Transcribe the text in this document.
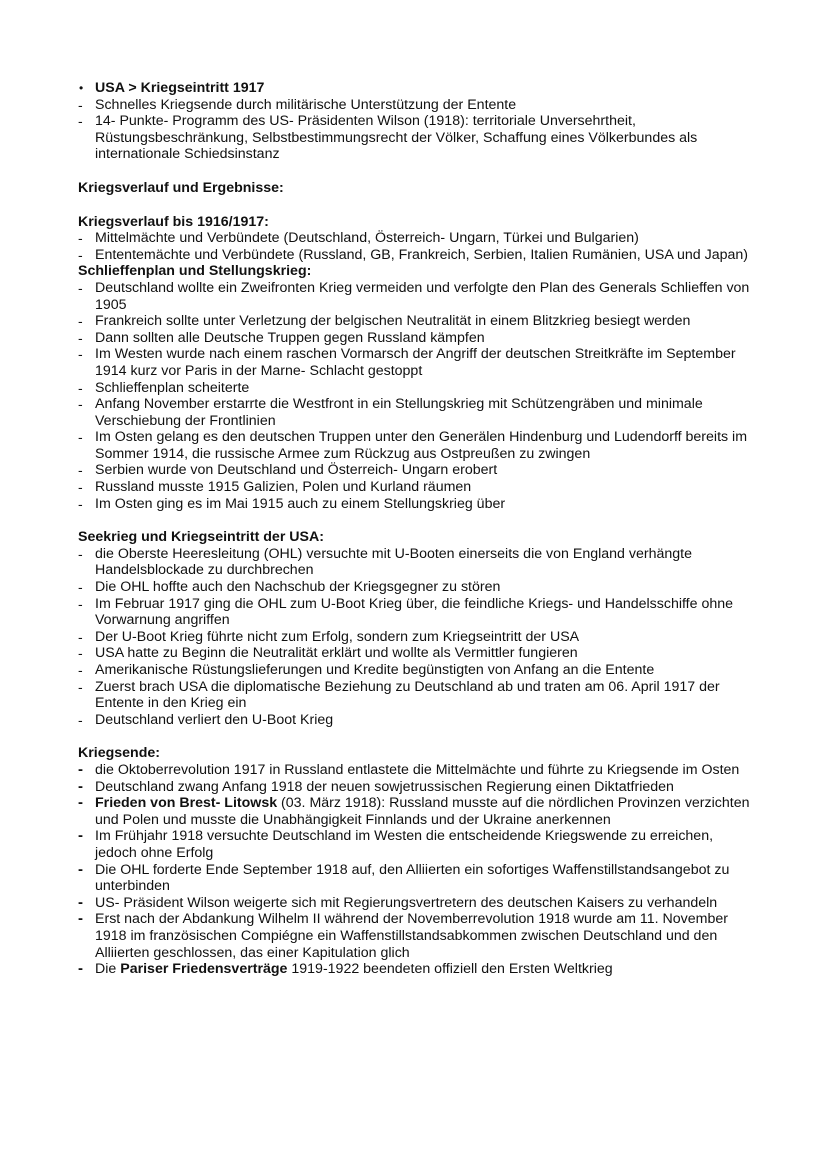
• USA > Kriegseintritt 1917
- Schnelles Kriegsende durch militärische Unterstützung der Entente
- 14- Punkte- Programm des US- Präsidenten Wilson (1918): territoriale Unversehrtheit, Rüstungsbeschränkung, Selbstbestimmungsrecht der Völker, Schaffung eines Völkerbundes als internationale Schiedsinstanz

Kriegsverlauf und Ergebnisse:

Kriegsverlauf bis 1916/1917:

- Mittelmächte und Verbündete (Deutschland, Österreich- Ungarn, Türkei und Bulgarien)
- Ententemächte und Verbündete (Russland, GB, Frankreich, Serbien, Italien Rumänien, USA und Japan)

Schlieffenplan und Stellungskrieg:

- Deutschland wollte ein Zweifronten Krieg vermeiden und verfolgte den Plan des Generals Schlieffen von 1905
- Frankreich sollte unter Verletzung der belgischen Neutralität in einem Blitzkrieg besiegt werden
- Dann sollten alle Deutsche Truppen gegen Russland kämpfen
- Im Westen wurde nach einem raschen Vormarsch der Angriff der deutschen Streitkräfte im September 1914 kurz vor Paris in der Marne- Schlacht gestoppt
- Schlieffenplan scheiterte
- Anfang November erstarrte die Westfront in ein Stellungskrieg mit Schützengräben und minimale Verschiebung der Frontlinien
- Im Osten gelang es den deutschen Truppen unter den Generälen Hindenburg und Ludendorff bereits im Sommer 1914, die russische Armee zum Rückzug aus Ostpreußen zu zwingen
- Serbien wurde von Deutschland und Österreich- Ungarn erobert
- Russland musste 1915 Galizien, Polen und Kurland räumen
- Im Osten ging es im Mai 1915 auch zu einem Stellungskrieg über

Seekrieg und Kriegseintritt der USA:

- die Oberste Heeresleitung (OHL) versuchte mit U-Booten einerseits die von England verhängte Handelsblockade zu durchbrechen
- Die OHL hoffte auch den Nachschub der Kriegsgegner zu stören
- Im Februar 1917 ging die OHL zum U-Boot Krieg über, die feindliche Kriegs- und Handelsschiffe ohne Vorwarnung angriffen
- Der U-Boot Krieg führte nicht zum Erfolg, sondern zum Kriegseintritt der USA
- USA hatte zu Beginn die Neutralität erklärt und wollte als Vermittler fungieren
- Amerikanische Rüstungslieferungen und Kredite begünstigten von Anfang an die Entente
- Zuerst brach USA die diplomatische Beziehung zu Deutschland ab und traten am 06. April 1917 der Entente in den Krieg ein
- Deutschland verliert den U-Boot Krieg

Kriegsende:

- die Oktoberrevolution 1917 in Russland entlastete die Mittelmächte und führte zu Kriegsende im Osten
- Deutschland zwang Anfang 1918 der neuen sowjetrussischen Regierung einen Diktatfrieden
- Frieden von Brest- Litowsk (03. März 1918): Russland musste auf die nördlichen Provinzen verzichten und Polen und musste die Unabhängigkeit Finnlands und der Ukraine anerkennen
- Im Frühjahr 1918 versuchte Deutschland im Westen die entscheidende Kriegswende zu erreichen, jedoch ohne Erfolg
- Die OHL forderte Ende September 1918 auf, den Alliierten ein sofortiges Waffenstillstandsangebot zu unterbinden
- US- Präsident Wilson weigerte sich mit Regierungsvertretern des deutschen Kaisers zu verhandeln
- Erst nach der Abdankung Wilhelm II während der Novemberrevolution 1918 wurde am 11. November 1918 im französischen Compiégne ein Waffenstillstandsabkommen zwischen Deutschland und den Alliierten geschlossen, das einer Kapitulation glich
- Die Pariser Friedensverträge 1919-1922 beendeten offiziell den Ersten Weltkrieg
